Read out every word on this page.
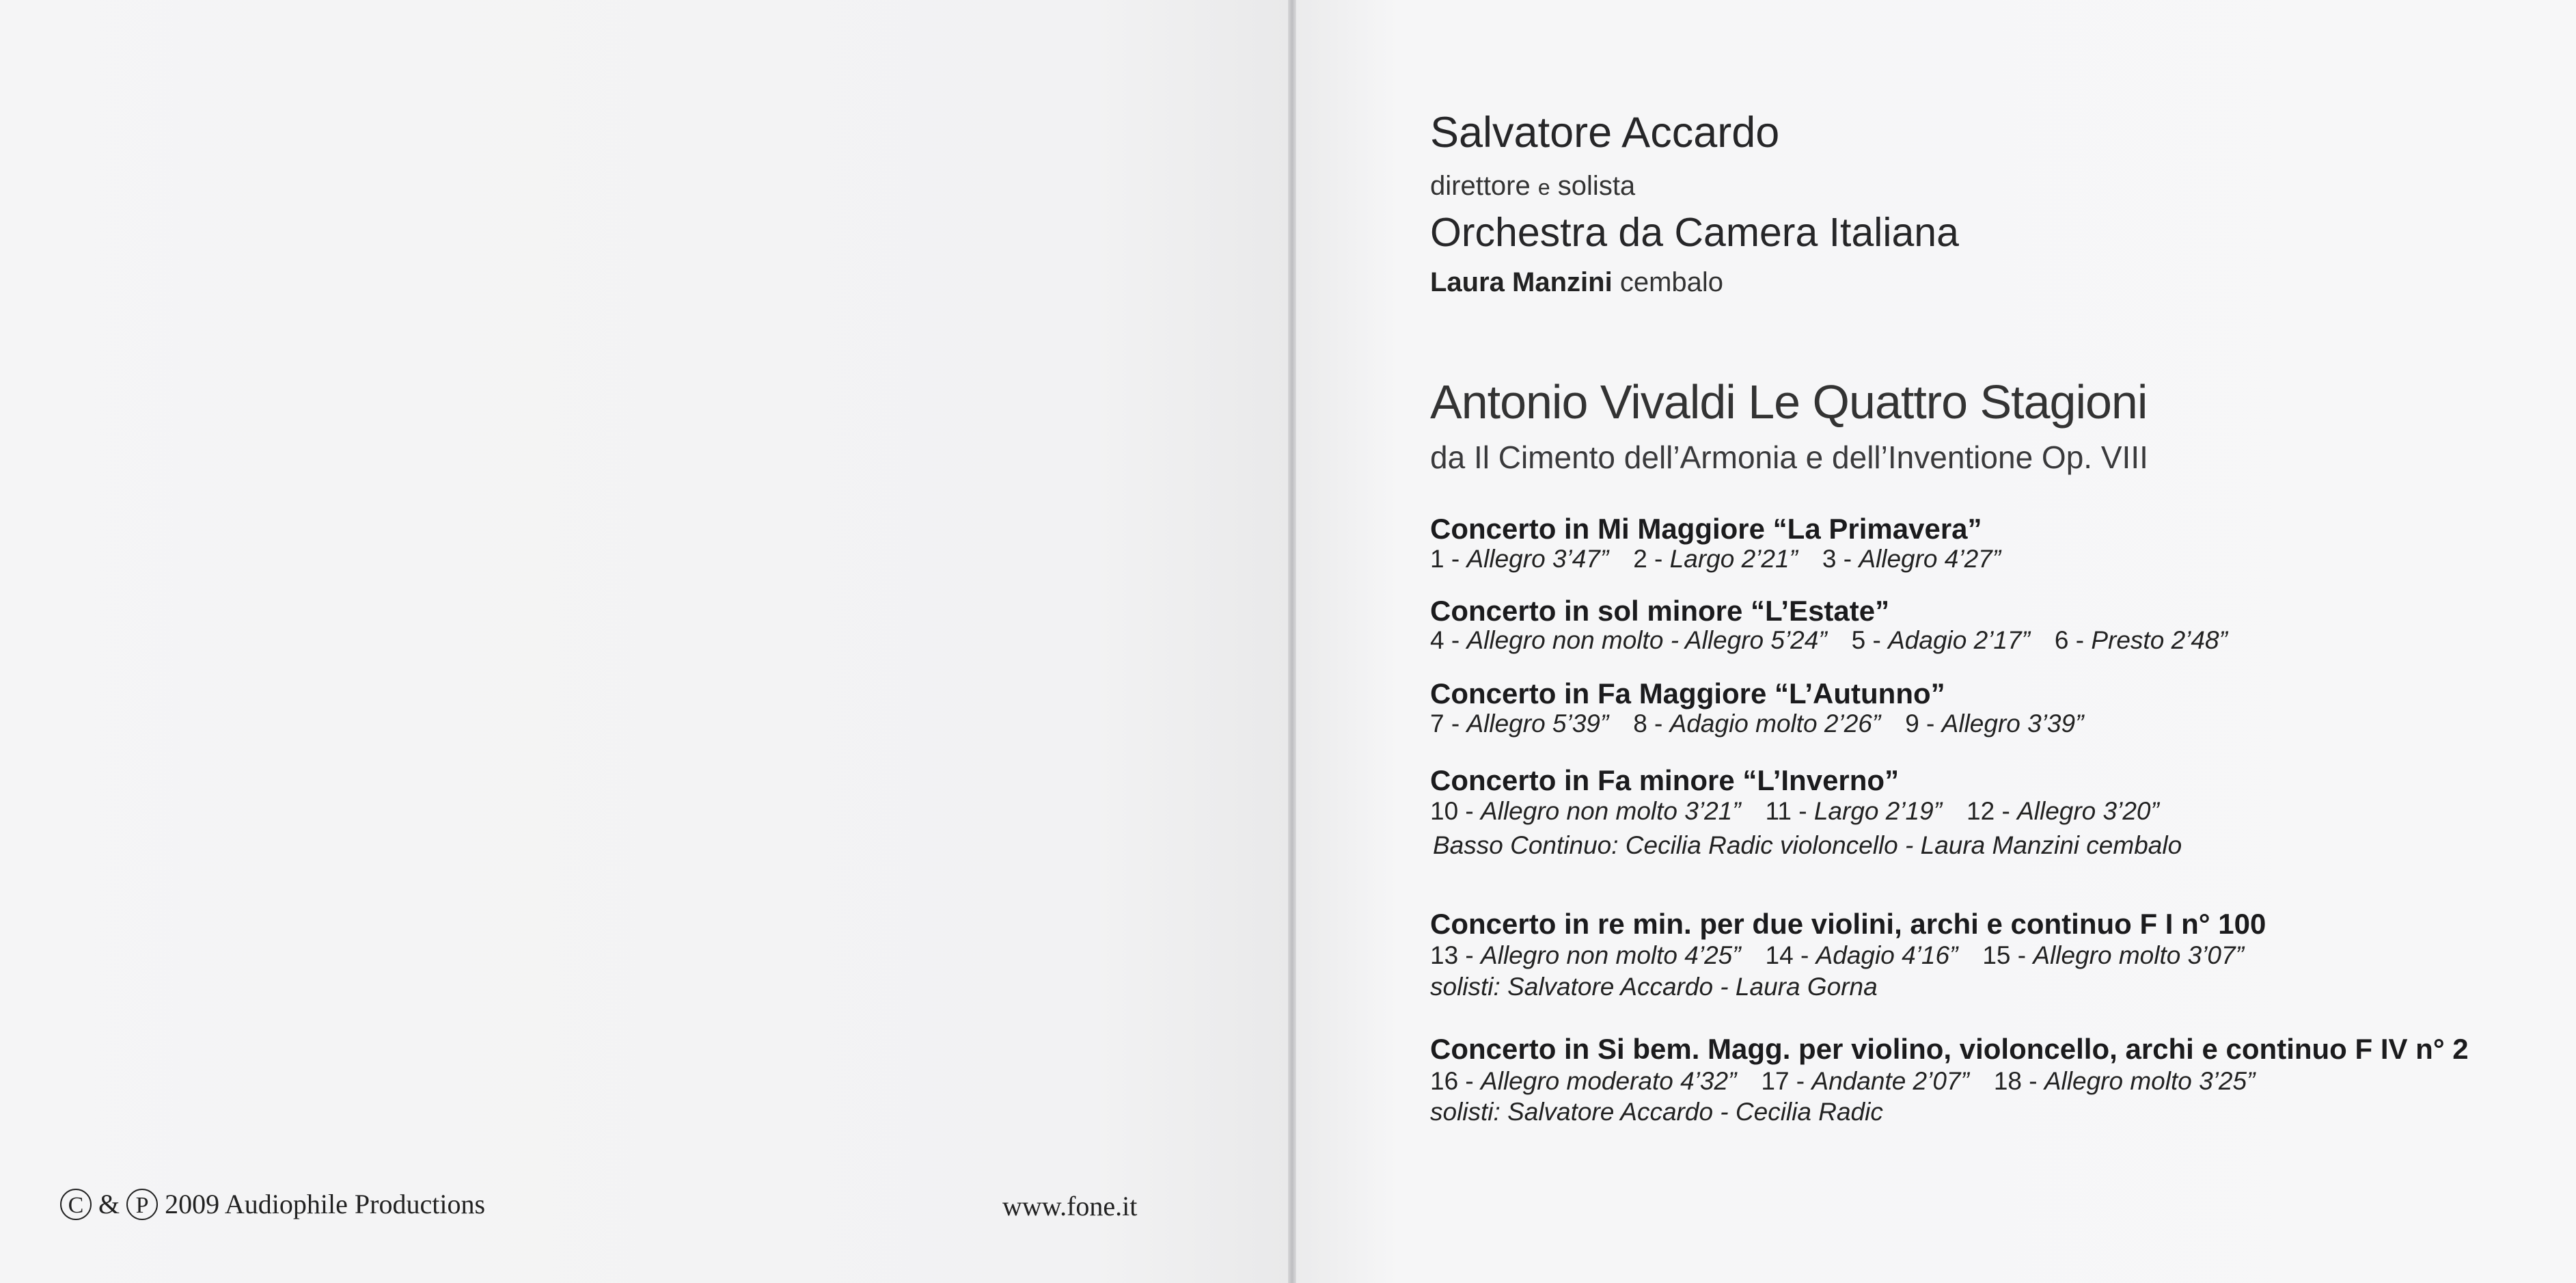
C & P 2009 Audiophile Productions	www.fone.it
Salvatore Accardo
direttore e solista
Orchestra da Camera Italiana
Laura Manzini cembalo
Antonio Vivaldi Le Quattro Stagioni
da Il Cimento dell’Armonia e dell’Inventione Op. VIII
Concerto in Mi Maggiore “La Primavera”
1 - Allegro 3’47” 2 - Largo 2’21” 3 - Allegro 4’27”
Concerto in sol minore “L’Estate”
4 - Allegro non molto - Allegro 5’24” 5 - Adagio 2’17” 6 - Presto 2’48”
Concerto in Fa Maggiore “L’Autunno”
7 - Allegro 5’39” 8 - Adagio molto 2’26” 9 - Allegro 3’39”
Concerto in Fa minore “L’Inverno”
10 - Allegro non molto 3’21” 11 - Largo 2’19” 12 - Allegro 3’20”
Basso Continuo: Cecilia Radic violoncello - Laura Manzini cembalo
Concerto in re min. per due violini, archi e continuo F I n° 100
13 - Allegro non molto 4’25” 14 - Adagio 4’16” 15 - Allegro molto 3’07”
solisti: Salvatore Accardo - Laura Gorna
Concerto in Si bem. Magg. per violino, violoncello, archi e continuo F IV n° 2
16 - Allegro moderato 4’32” 17 - Andante 2’07” 18 - Allegro molto 3’25”
solisti: Salvatore Accardo - Cecilia Radic
